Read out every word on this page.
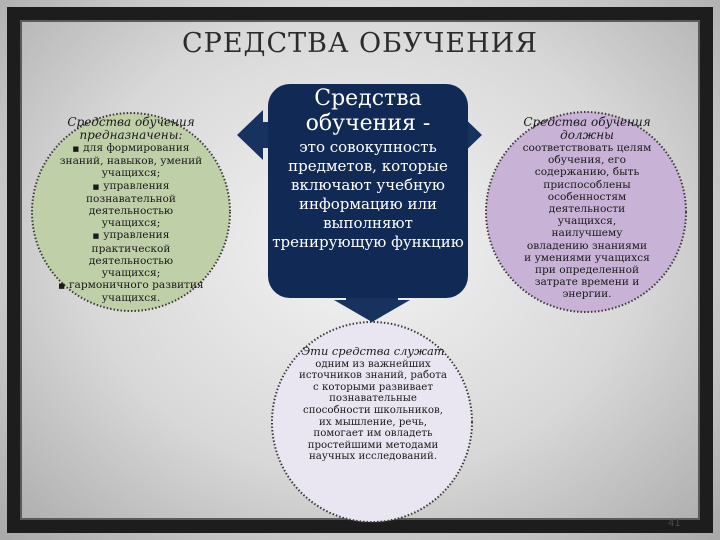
СРЕДСТВА ОБУЧЕНИЯ
Средства обучения предназначены:
■ для формирования знаний, навыков, умений учащихся;
■ управления познавательной деятельностью учащихся;
■ управления практической деятельностью учащихся;
■ гармоничного развития учащихся.
Средства обучения -
это совокупность предметов, которые включают учебную информацию или выполняют тренирующую функцию
Средства обучения должны
соответствовать целям обучения, его содержанию, быть приспособлены особенностям деятельности учащихся, наилучшему овладению знаниями и умениями учащихся при определенной затрате времени и энергии.
Эти средства служат одним из важнейших источников знаний, работа с которыми развивает познавательные способности школьников, их мышление, речь, помогает им овладеть простейшими методами научных исследований.
41
